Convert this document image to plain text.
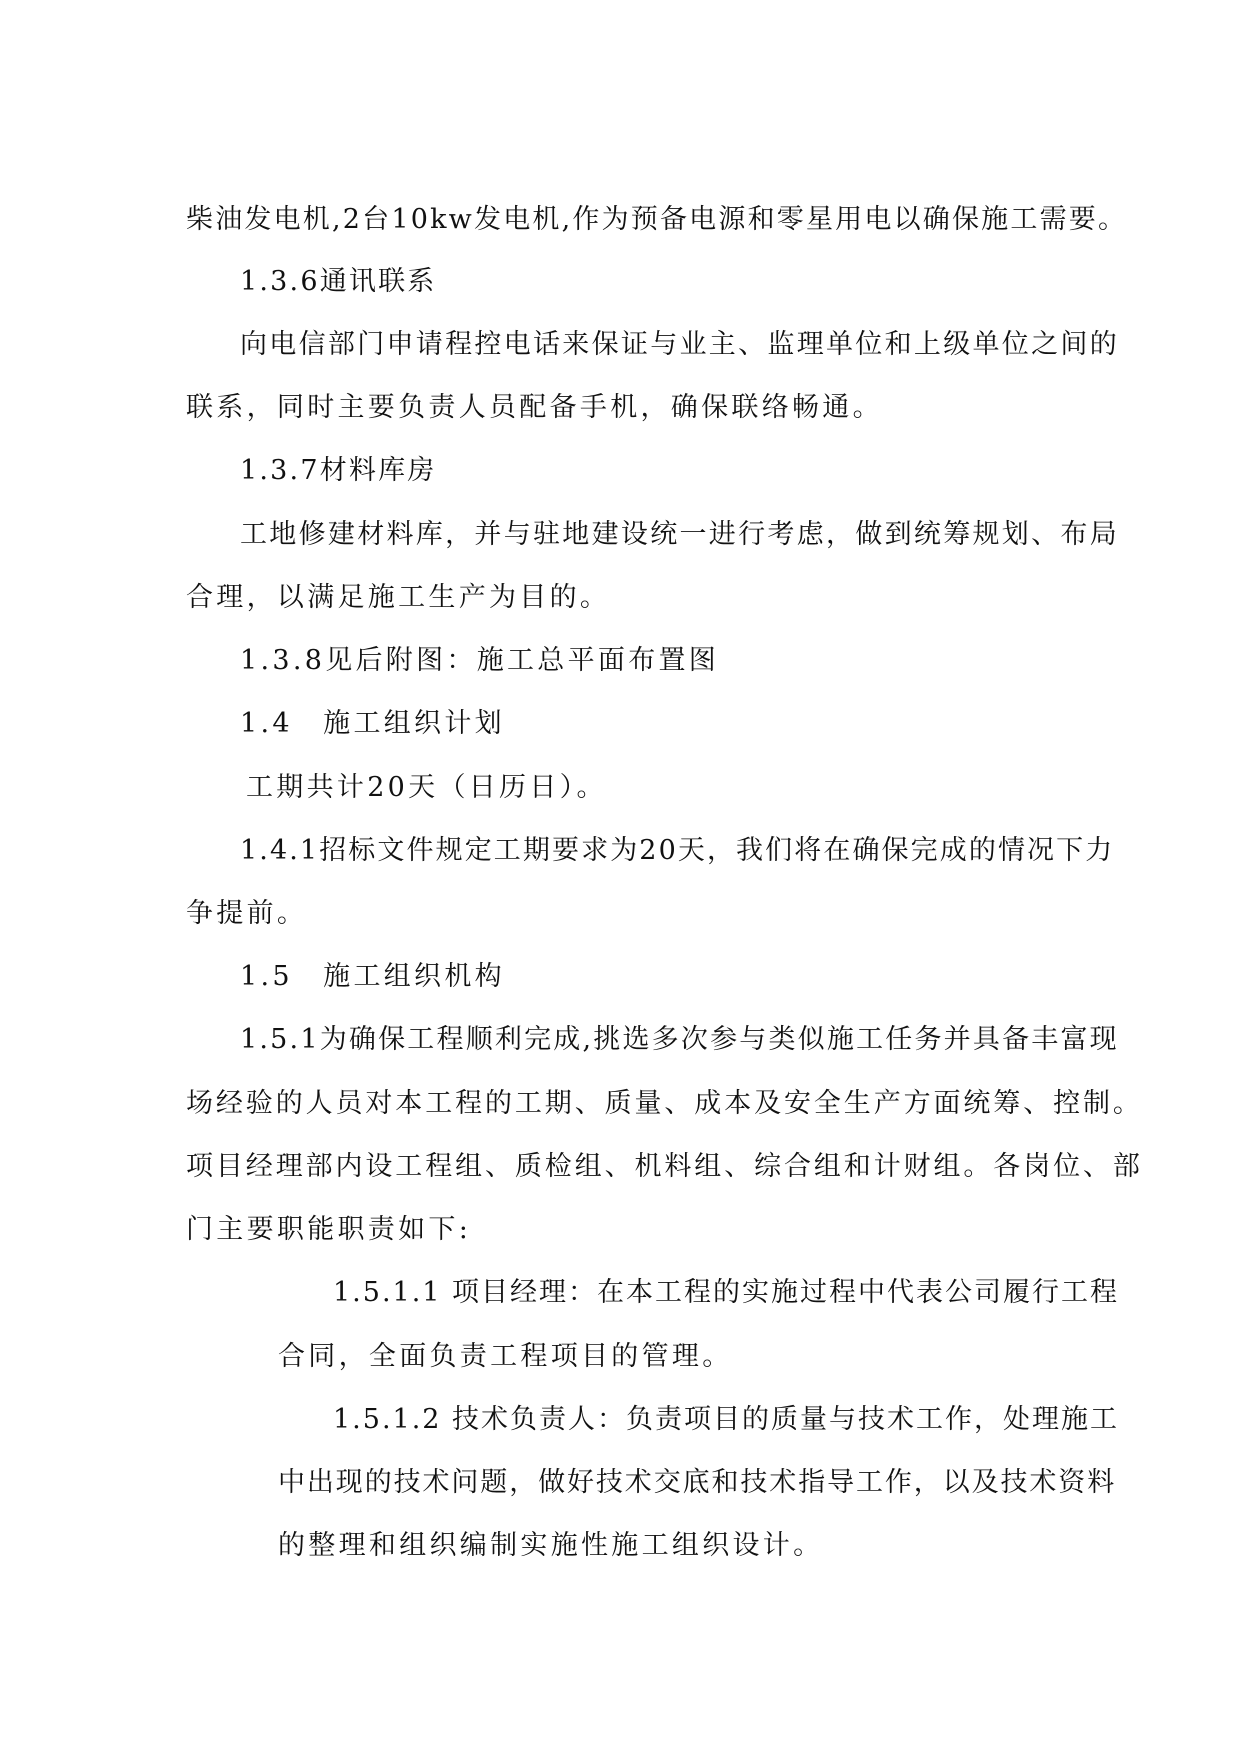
柴油发电机,2台10kw发电机,作为预备电源和零星用电以确保施工需要。
1.3.6通讯联系
向电信部门申请程控电话来保证与业主、监理单位和上级单位之间的
联系，同时主要负责人员配备手机，确保联络畅通。
1.3.7材料库房
工地修建材料库，并与驻地建设统一进行考虑，做到统筹规划、布局
合理，以满足施工生产为目的。
1.3.8见后附图：施工总平面布置图
1.4　施工组织计划
工期共计20天（日历日）。
1.4.1招标文件规定工期要求为20天，我们将在确保完成的情况下力
争提前。
1.5　施工组织机构
1.5.1为确保工程顺利完成,挑选多次参与类似施工任务并具备丰富现
场经验的人员对本工程的工期、质量、成本及安全生产方面统筹、控制。
项目经理部内设工程组、质检组、机料组、综合组和计财组。各岗位、部
门主要职能职责如下:
1.5.1.1 项目经理：在本工程的实施过程中代表公司履行工程
合同，全面负责工程项目的管理。
1.5.1.2 技术负责人：负责项目的质量与技术工作，处理施工
中出现的技术问题，做好技术交底和技术指导工作，以及技术资料
的整理和组织编制实施性施工组织设计。
